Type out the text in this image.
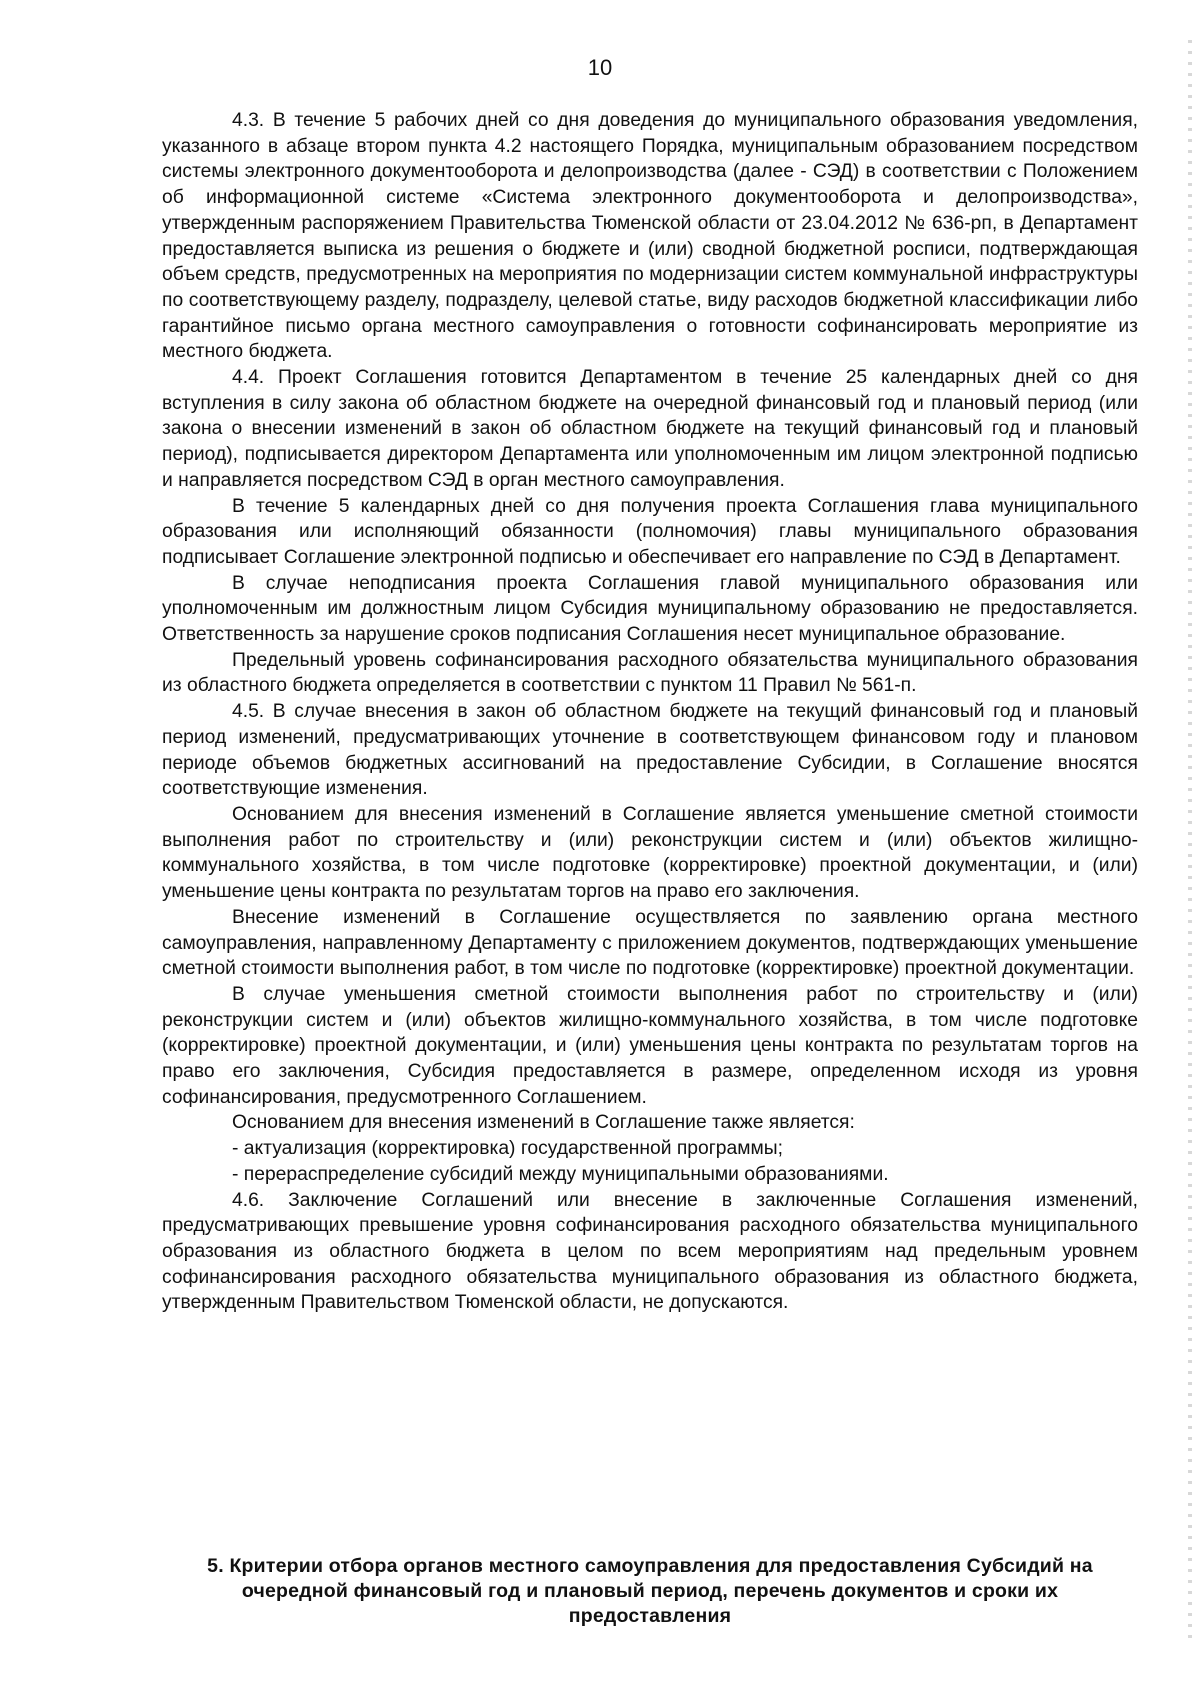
10

4.3. В течение 5 рабочих дней со дня доведения до муниципального образования уведомления, указанного в абзаце втором пункта 4.2 настоящего Порядка, муниципальным образованием посредством системы электронного документооборота и делопроизводства (далее - СЭД) в соответствии с Положением об информационной системе «Система электронного документооборота и делопроизводства», утвержденным распоряжением Правительства Тюменской области от 23.04.2012 № 636-рп, в Департамент предоставляется выписка из решения о бюджете и (или) сводной бюджетной росписи, подтверждающая объем средств, предусмотренных на мероприятия по модернизации систем коммунальной инфраструктуры по соответствующему разделу, подразделу, целевой статье, виду расходов бюджетной классификации либо гарантийное письмо органа местного самоуправления о готовности софинансировать мероприятие из местного бюджета.

4.4. Проект Соглашения готовится Департаментом в течение 25 календарных дней со дня вступления в силу закона об областном бюджете на очередной финансовый год и плановый период (или закона о внесении изменений в закон об областном бюджете на текущий финансовый год и плановый период), подписывается директором Департамента или уполномоченным им лицом электронной подписью и направляется посредством СЭД в орган местного самоуправления.

В течение 5 календарных дней со дня получения проекта Соглашения глава муниципального образования или исполняющий обязанности (полномочия) главы муниципального образования подписывает Соглашение электронной подписью и обеспечивает его направление по СЭД в Департамент.

В случае неподписания проекта Соглашения главой муниципального образования или уполномоченным им должностным лицом Субсидия муниципальному образованию не предоставляется. Ответственность за нарушение сроков подписания Соглашения несет муниципальное образование.

Предельный уровень софинансирования расходного обязательства муниципального образования из областного бюджета определяется в соответствии с пунктом 11 Правил № 561-п.

4.5. В случае внесения в закон об областном бюджете на текущий финансовый год и плановый период изменений, предусматривающих уточнение в соответствующем финансовом году и плановом периоде объемов бюджетных ассигнований на предоставление Субсидии, в Соглашение вносятся соответствующие изменения.

Основанием для внесения изменений в Соглашение является уменьшение сметной стоимости выполнения работ по строительству и (или) реконструкции систем и (или) объектов жилищно-коммунального хозяйства, в том числе подготовке (корректировке) проектной документации, и (или) уменьшение цены контракта по результатам торгов на право его заключения.

Внесение изменений в Соглашение осуществляется по заявлению органа местного самоуправления, направленному Департаменту с приложением документов, подтверждающих уменьшение сметной стоимости выполнения работ, в том числе по подготовке (корректировке) проектной документации.

В случае уменьшения сметной стоимости выполнения работ по строительству и (или) реконструкции систем и (или) объектов жилищно-коммунального хозяйства, в том числе подготовке (корректировке) проектной документации, и (или) уменьшения цены контракта по результатам торгов на право его заключения, Субсидия предоставляется в размере, определенном исходя из уровня софинансирования, предусмотренного Соглашением.

Основанием для внесения изменений в Соглашение также является:

- актуализация (корректировка) государственной программы;

- перераспределение субсидий между муниципальными образованиями.

4.6. Заключение Соглашений или внесение в заключенные Соглашения изменений, предусматривающих превышение уровня софинансирования расходного обязательства муниципального образования из областного бюджета в целом по всем мероприятиям над предельным уровнем софинансирования расходного обязательства муниципального образования из областного бюджета, утвержденным Правительством Тюменской области, не допускаются.

5. Критерии отбора органов местного самоуправления для предоставления Субсидий на очередной финансовый год и плановый период, перечень документов и сроки их предоставления
